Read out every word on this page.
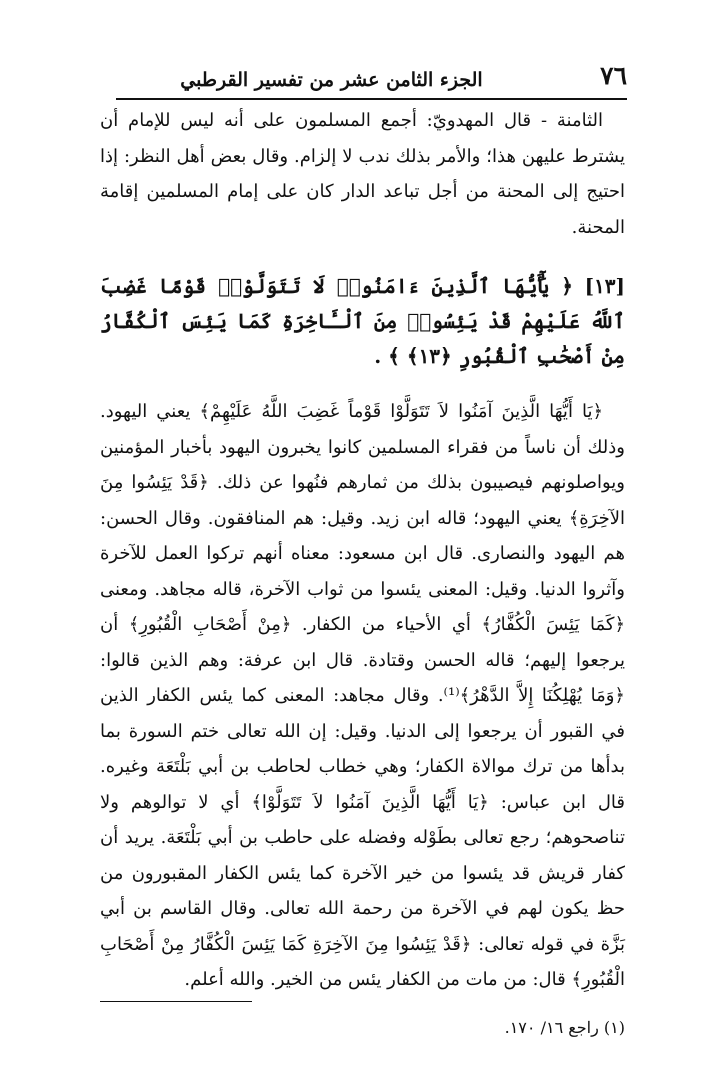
٧٦
الجزء الثامن عشر من تفسير القرطبي

الثامنة - قال المهدويّ: أجمع المسلمون على أنه ليس للإمام أن يشترط عليهن هذا؛ والأمر بذلك ندب لا إلزام. وقال بعض أهل النظر: إذا احتيج إلى المحنة من أجل تباعد الدار كان على إمام المسلمين إقامة المحنة.

[١٣] ﴿ يَٰٓأَيُّهَا ٱلَّذِينَ ءَامَنُوا۟ لَا تَتَوَلَّوْا۟ قَوْمًا غَضِبَ ٱللَّهُ عَلَيْهِمْ قَدْ يَئِسُوا۟ مِنَ ٱلْـَٔاخِرَةِ كَمَا يَئِسَ ٱلْكُفَّارُ مِنْ أَصْحَٰبِ ٱلْقُبُورِ ﴿١٣﴾ ﴾ .

﴿يَا أَيُّهَا الَّذِينَ آمَنُوا لاَ تَتَوَلَّوْا قَوْماً غَضِبَ اللَّهُ عَلَيْهِمْ﴾ يعني اليهود. وذلك أن ناساً من فقراء المسلمين كانوا يخبرون اليهود بأخبار المؤمنين ويواصلونهم فيصيبون بذلك من ثمارهم فنُهوا عن ذلك. ﴿قَدْ يَئِسُوا مِنَ الآخِرَةِ﴾ يعني اليهود؛ قاله ابن زيد. وقيل: هم المنافقون. وقال الحسن: هم اليهود والنصارى. قال ابن مسعود: معناه أنهم تركوا العمل للآخرة وآثروا الدنيا. وقيل: المعنى يئسوا من ثواب الآخرة، قاله مجاهد. ومعنى ﴿كَمَا يَئِسَ الْكُفَّارُ﴾ أي الأحياء من الكفار. ﴿مِنْ أَصْحَابِ الْقُبُورِ﴾ أن يرجعوا إليهم؛ قاله الحسن وقتادة. قال ابن عرفة: وهم الذين قالوا: ﴿وَمَا يُهْلِكُنَا إِلاَّ الدَّهْرُ﴾⁽¹⁾. وقال مجاهد: المعنى كما يئس الكفار الذين في القبور أن يرجعوا إلى الدنيا. وقيل: إن الله تعالى ختم السورة بما بدأها من ترك موالاة الكفار؛ وهي خطاب لحاطب بن أبي بَلْتَعَة وغيره. قال ابن عباس: ﴿يَا أَيُّهَا الَّذِينَ آمَنُوا لاَ تَتَوَلَّوْا﴾ أي لا توالوهم ولا تناصحوهم؛ رجع تعالى بطَوْله وفضله على حاطب بن أبي بَلْتَعَة. يريد أن كفار قريش قد يئسوا من خير الآخرة كما يئس الكفار المقبورون من حظ يكون لهم في الآخرة من رحمة الله تعالى. وقال القاسم بن أبي بَزَّة في قوله تعالى: ﴿قَدْ يَئِسُوا مِنَ الآخِرَةِ كَمَا يَئِسَ الْكُفَّارُ مِنْ أَصْحَابِ الْقُبُورِ﴾ قال: من مات من الكفار يئس من الخير. والله أعلم.

(١) راجع ١٦/ ١٧٠.
